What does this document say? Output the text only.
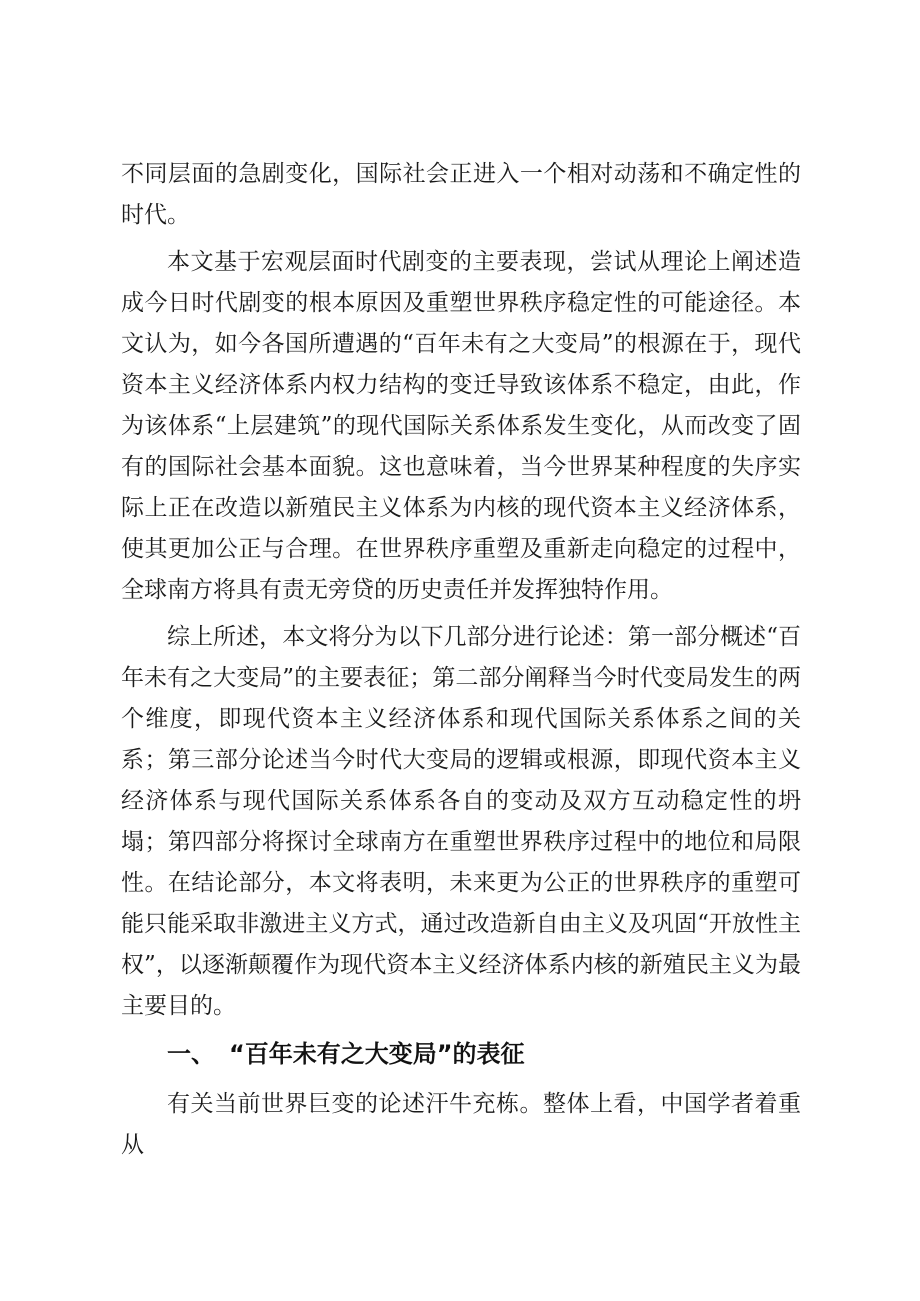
不同层面的急剧变化，国际社会正进入一个相对动荡和不确定性的时代。

本文基于宏观层面时代剧变的主要表现，尝试从理论上阐述造成今日时代剧变的根本原因及重塑世界秩序稳定性的可能途径。本文认为，如今各国所遭遇的“百年未有之大变局”的根源在于，现代资本主义经济体系内权力结构的变迁导致该体系不稳定，由此，作为该体系“上层建筑”的现代国际关系体系发生变化，从而改变了固有的国际社会基本面貌。这也意味着，当今世界某种程度的失序实际上正在改造以新殖民主义体系为内核的现代资本主义经济体系，使其更加公正与合理。在世界秩序重塑及重新走向稳定的过程中，全球南方将具有责无旁贷的历史责任并发挥独特作用。

综上所述，本文将分为以下几部分进行论述：第一部分概述“百年未有之大变局”的主要表征；第二部分阐释当今时代变局发生的两个维度，即现代资本主义经济体系和现代国际关系体系之间的关系；第三部分论述当今时代大变局的逻辑或根源，即现代资本主义经济体系与现代国际关系体系各自的变动及双方互动稳定性的坍塌；第四部分将探讨全球南方在重塑世界秩序过程中的地位和局限性。在结论部分，本文将表明，未来更为公正的世界秩序的重塑可能只能采取非激进主义方式，通过改造新自由主义及巩固“开放性主权”，以逐渐颠覆作为现代资本主义经济体系内核的新殖民主义为最主要目的。

一、 “百年未有之大变局”的表征

有关当前世界巨变的论述汗牛充栋。整体上看，中国学者着重从
